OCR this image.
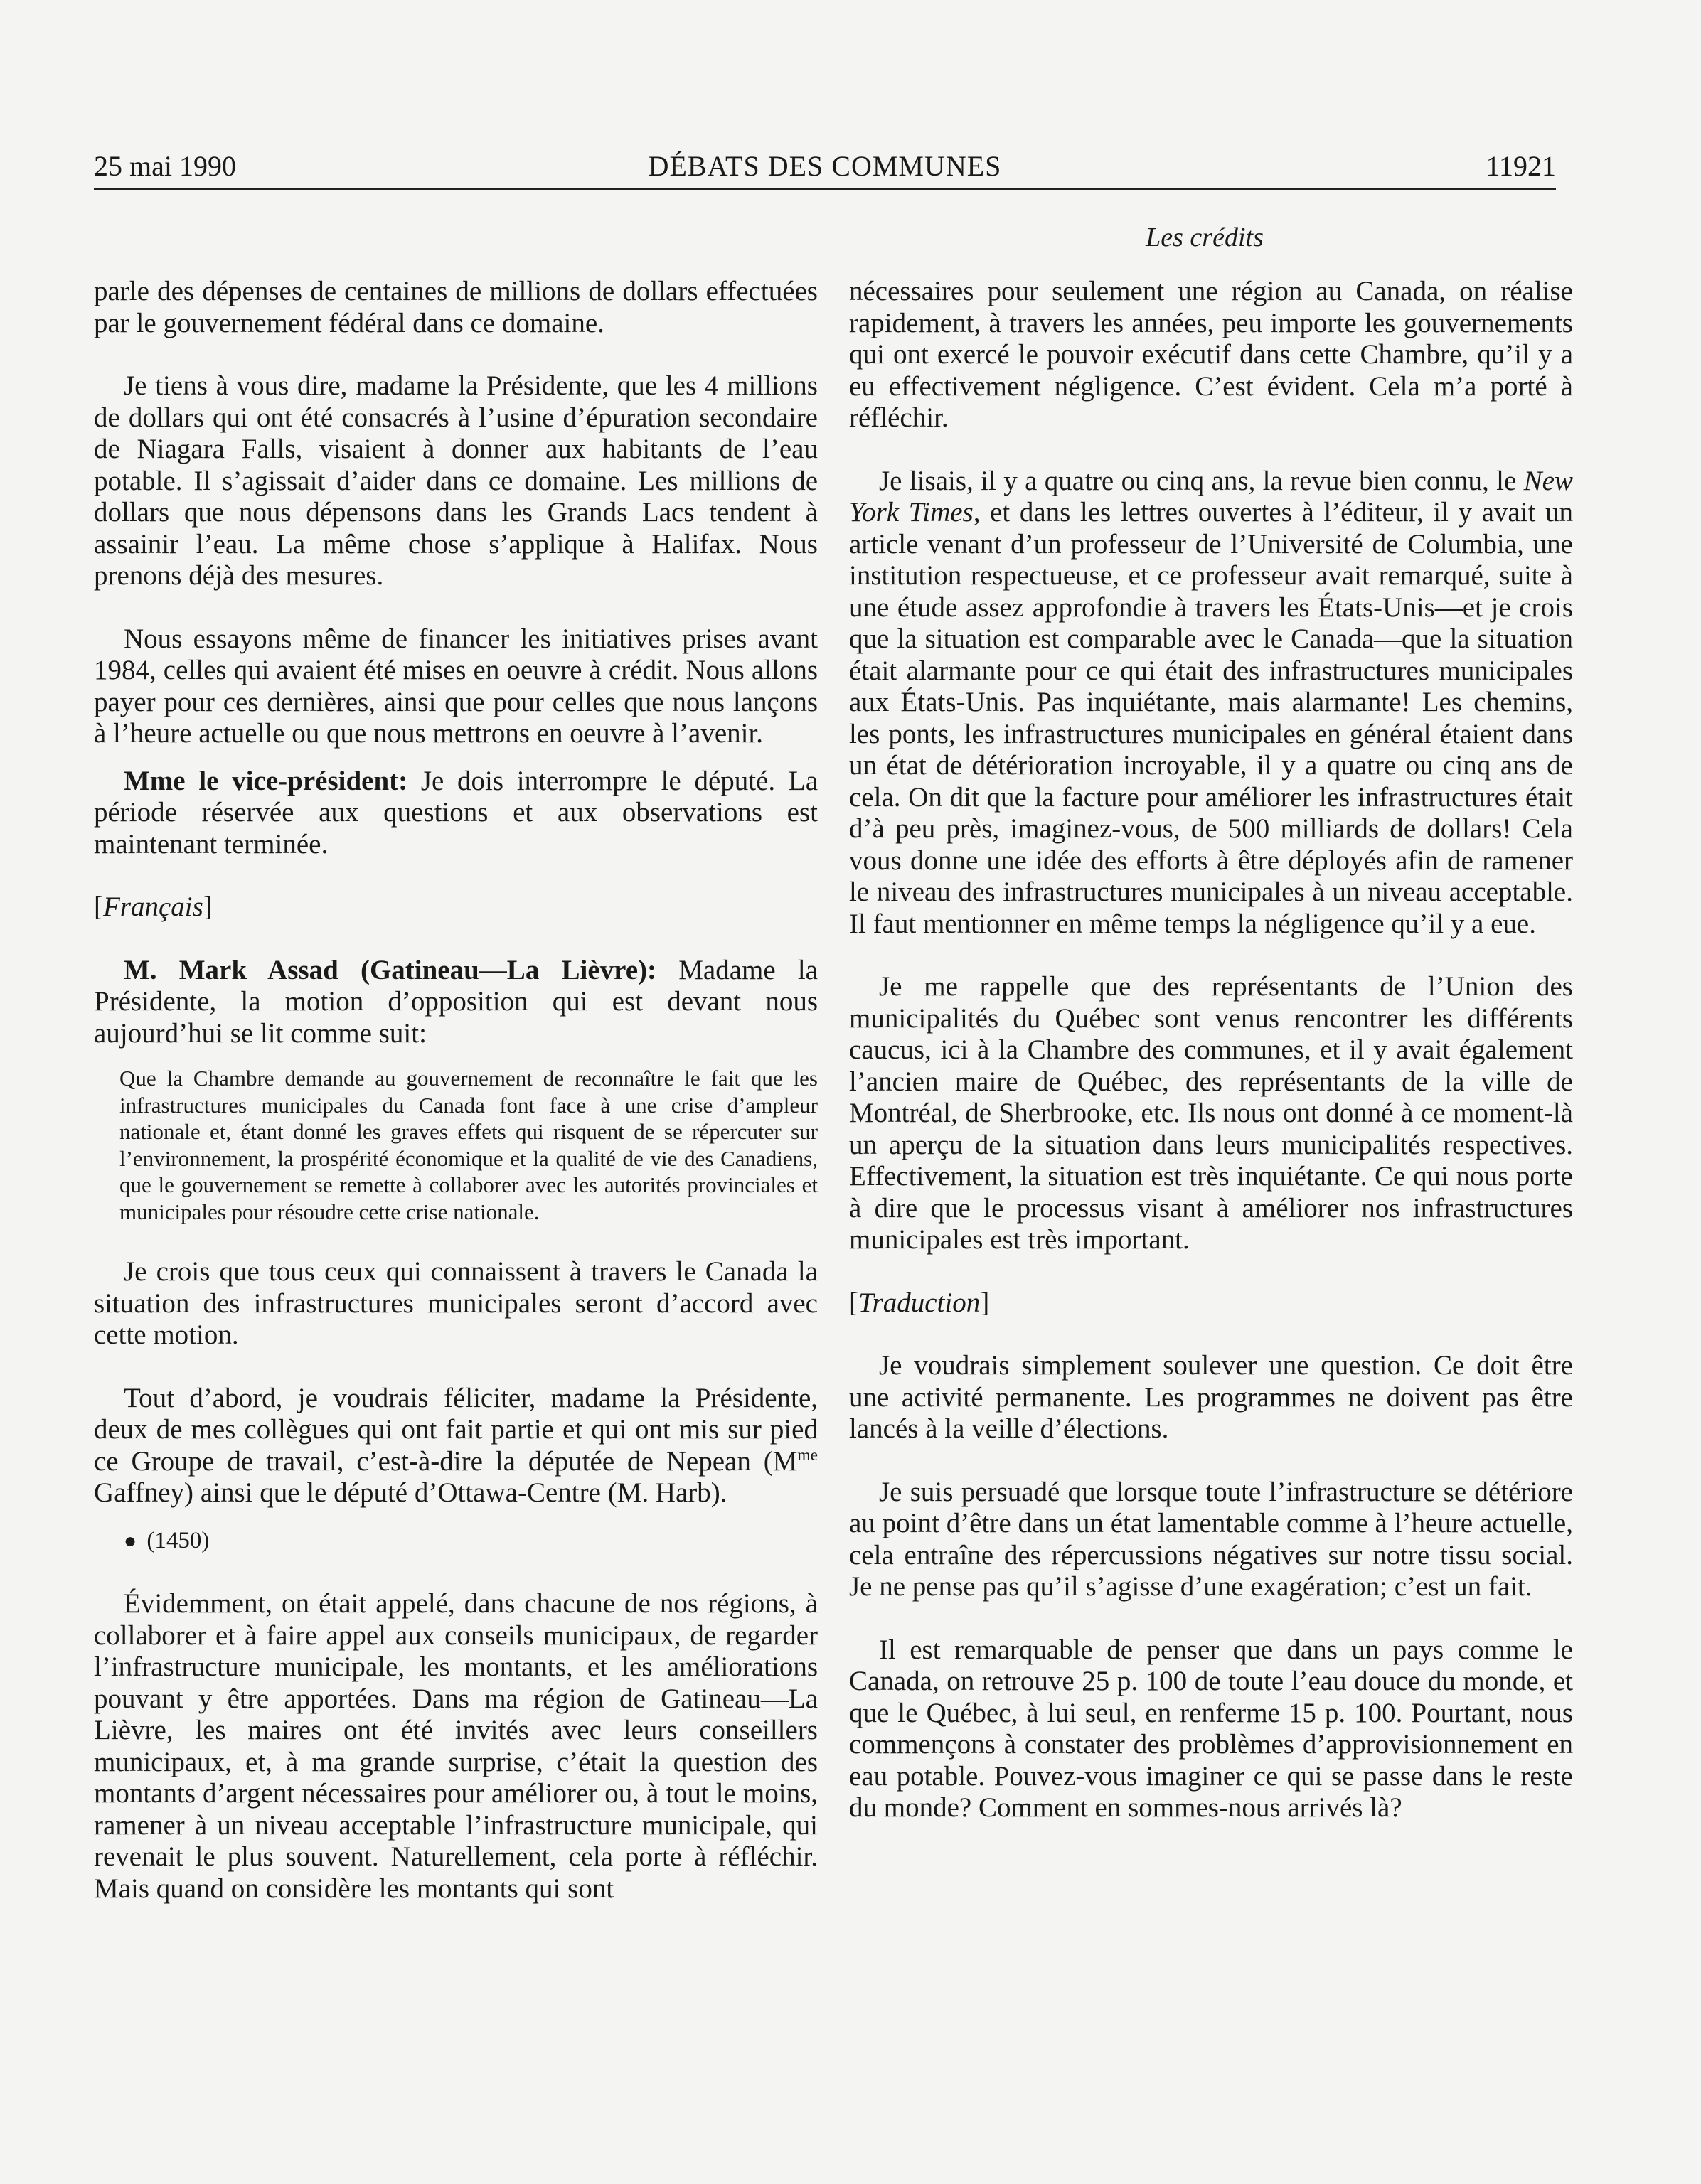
25 mai 1990	DÉBATS DES COMMUNES	11921
Les crédits

parle des dépenses de centaines de millions de dollars effectuées par le gouvernement fédéral dans ce domaine.

Je tiens à vous dire, madame la Présidente, que les 4 millions de dollars qui ont été consacrés à l’usine d’épuration secondaire de Niagara Falls, visaient à donner aux habitants de l’eau potable. Il s’agissait d’aider dans ce domaine. Les millions de dollars que nous dépensons dans les Grands Lacs tendent à assainir l’eau. La même chose s’applique à Halifax. Nous prenons déjà des mesures.

Nous essayons même de financer les initiatives prises avant 1984, celles qui avaient été mises en oeuvre à crédit. Nous allons payer pour ces dernières, ainsi que pour celles que nous lançons à l’heure actuelle ou que nous mettrons en oeuvre à l’avenir.

Mme le vice-président: Je dois interrompre le député. La période réservée aux questions et aux observations est maintenant terminée.

[Français]

M. Mark Assad (Gatineau—La Lièvre): Madame la Présidente, la motion d’opposition qui est devant nous aujourd’hui se lit comme suit:

Que la Chambre demande au gouvernement de reconnaître le fait que les infrastructures municipales du Canada font face à une crise d’ampleur nationale et, étant donné les graves effets qui risquent de se répercuter sur l’environnement, la prospérité économique et la qualité de vie des Canadiens, que le gouvernement se remette à collaborer avec les autorités provinciales et municipales pour résoudre cette crise nationale.

Je crois que tous ceux qui connaissent à travers le Canada la situation des infrastructures municipales seront d’accord avec cette motion.

Tout d’abord, je voudrais féliciter, madame la Présidente, deux de mes collègues qui ont fait partie et qui ont mis sur pied ce Groupe de travail, c’est-à-dire la députée de Nepean ($M^{me}$ Gaffney) ainsi que le député d’Ottawa-Centre (M. Harb).

● (1450)

Évidemment, on était appelé, dans chacune de nos régions, à collaborer et à faire appel aux conseils municipaux, de regarder l’infrastructure municipale, les montants, et les améliorations pouvant y être apportées. Dans ma région de Gatineau—La Lièvre, les maires ont été invités avec leurs conseillers municipaux, et, à ma grande surprise, c’était la question des montants d’argent nécessaires pour améliorer ou, à tout le moins, ramener à un niveau acceptable l’infrastructure municipale, qui revenait le plus souvent. Naturellement, cela porte à réfléchir. Mais quand on considère les montants qui sont

nécessaires pour seulement une région au Canada, on réalise rapidement, à travers les années, peu importe les gouvernements qui ont exercé le pouvoir exécutif dans cette Chambre, qu’il y a eu effectivement négligence. C’est évident. Cela m’a porté à réfléchir.

Je lisais, il y a quatre ou cinq ans, la revue bien connu, le New York Times, et dans les lettres ouvertes à l’éditeur, il y avait un article venant d’un professeur de l’Université de Columbia, une institution respectueuse, et ce professeur avait remarqué, suite à une étude assez approfondie à travers les États-Unis—et je crois que la situation est comparable avec le Canada—que la situation était alarmante pour ce qui était des infrastructures municipales aux États-Unis. Pas inquiétante, mais alarmante! Les chemins, les ponts, les infrastructures municipales en général étaient dans un état de détérioration incroyable, il y a quatre ou cinq ans de cela. On dit que la facture pour améliorer les infrastructures était d’à peu près, imaginez-vous, de 500 milliards de dollars! Cela vous donne une idée des efforts à être déployés afin de ramener le niveau des infrastructures municipales à un niveau acceptable. Il faut mentionner en même temps la négligence qu’il y a eue.

Je me rappelle que des représentants de l’Union des municipalités du Québec sont venus rencontrer les différents caucus, ici à la Chambre des communes, et il y avait également l’ancien maire de Québec, des représentants de la ville de Montréal, de Sherbrooke, etc. Ils nous ont donné à ce moment-là un aperçu de la situation dans leurs municipalités respectives. Effectivement, la situation est très inquiétante. Ce qui nous porte à dire que le processus visant à améliorer nos infrastructures municipales est très important.

[Traduction]

Je voudrais simplement soulever une question. Ce doit être une activité permanente. Les programmes ne doivent pas être lancés à la veille d’élections.

Je suis persuadé que lorsque toute l’infrastructure se détériore au point d’être dans un état lamentable comme à l’heure actuelle, cela entraîne des répercussions négatives sur notre tissu social. Je ne pense pas qu’il s’agisse d’une exagération; c’est un fait.

Il est remarquable de penser que dans un pays comme le Canada, on retrouve 25 p. 100 de toute l’eau douce du monde, et que le Québec, à lui seul, en renferme 15 p. 100. Pourtant, nous commençons à constater des problèmes d’approvisionnement en eau potable. Pouvez-vous imaginer ce qui se passe dans le reste du monde? Comment en sommes-nous arrivés là?
